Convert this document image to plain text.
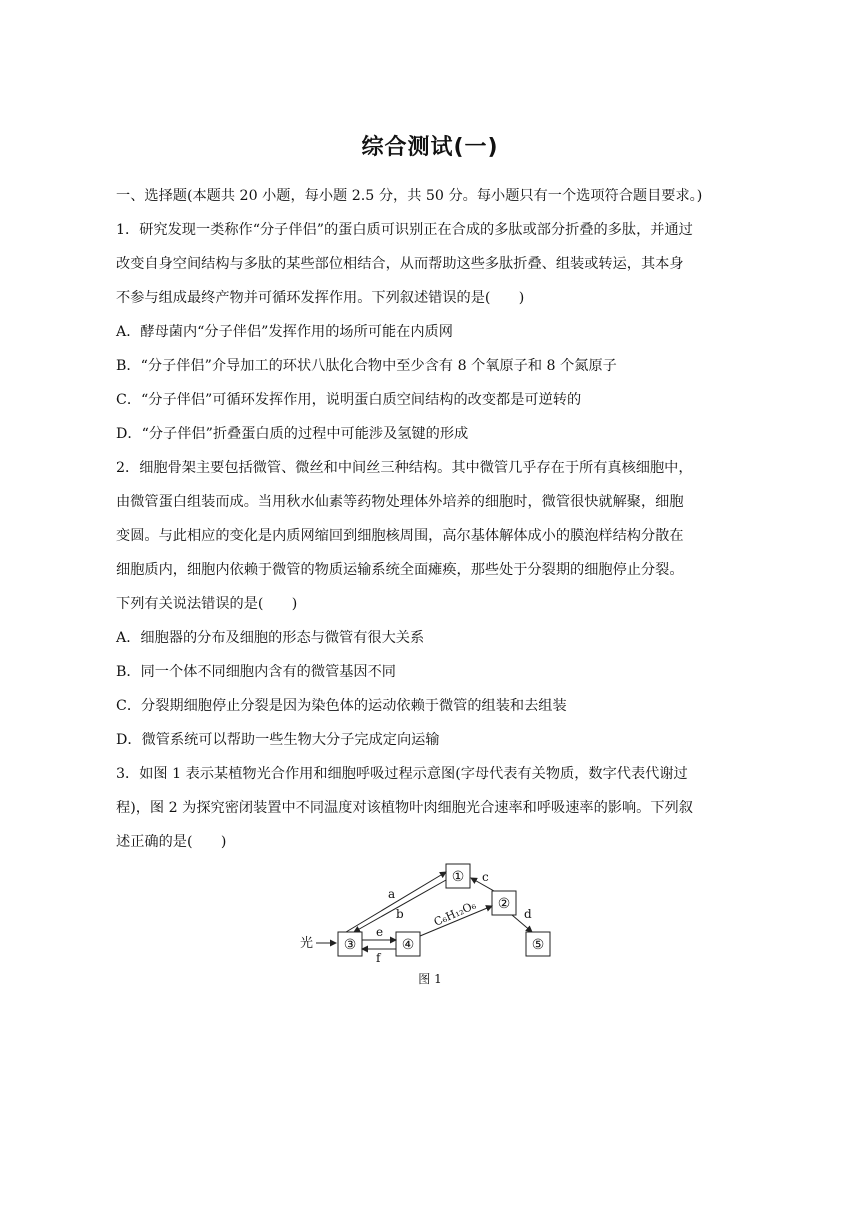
综合测试(一)
一、选择题(本题共 20 小题，每小题 2.5 分，共 50 分。每小题只有一个选项符合题目要求。)
1．研究发现一类称作“分子伴侣”的蛋白质可识别正在合成的多肽或部分折叠的多肽，并通过
改变自身空间结构与多肽的某些部位相结合，从而帮助这些多肽折叠、组装或转运，其本身
不参与组成最终产物并可循环发挥作用。下列叙述错误的是(　　)
A．酵母菌内“分子伴侣”发挥作用的场所可能在内质网
B．“分子伴侣”介导加工的环状八肽化合物中至少含有 8 个氧原子和 8 个氮原子
C．“分子伴侣”可循环发挥作用，说明蛋白质空间结构的改变都是可逆转的
D．“分子伴侣”折叠蛋白质的过程中可能涉及氢键的形成
2．细胞骨架主要包括微管、微丝和中间丝三种结构。其中微管几乎存在于所有真核细胞中，
由微管蛋白组装而成。当用秋水仙素等药物处理体外培养的细胞时，微管很快就解聚，细胞
变圆。与此相应的变化是内质网缩回到细胞核周围，高尔基体解体成小的膜泡样结构分散在
细胞质内，细胞内依赖于微管的物质运输系统全面瘫痪，那些处于分裂期的细胞停止分裂。
下列有关说法错误的是(　　)
A．细胞器的分布及细胞的形态与微管有很大关系
B．同一个体不同细胞内含有的微管基因不同
C．分裂期细胞停止分裂是因为染色体的运动依赖于微管的组装和去组装
D．微管系统可以帮助一些生物大分子完成定向运输
3．如图 1 表示某植物光合作用和细胞呼吸过程示意图(字母代表有关物质，数字代表代谢过
程)，图 2 为探究密闭装置中不同温度对该植物叶肉细胞光合速率和呼吸速率的影响。下列叙
述正确的是(　　)
光
①
②
③	④	⑤
a
b
c
d
C₆H₁₂O₆
e
f
图 1
